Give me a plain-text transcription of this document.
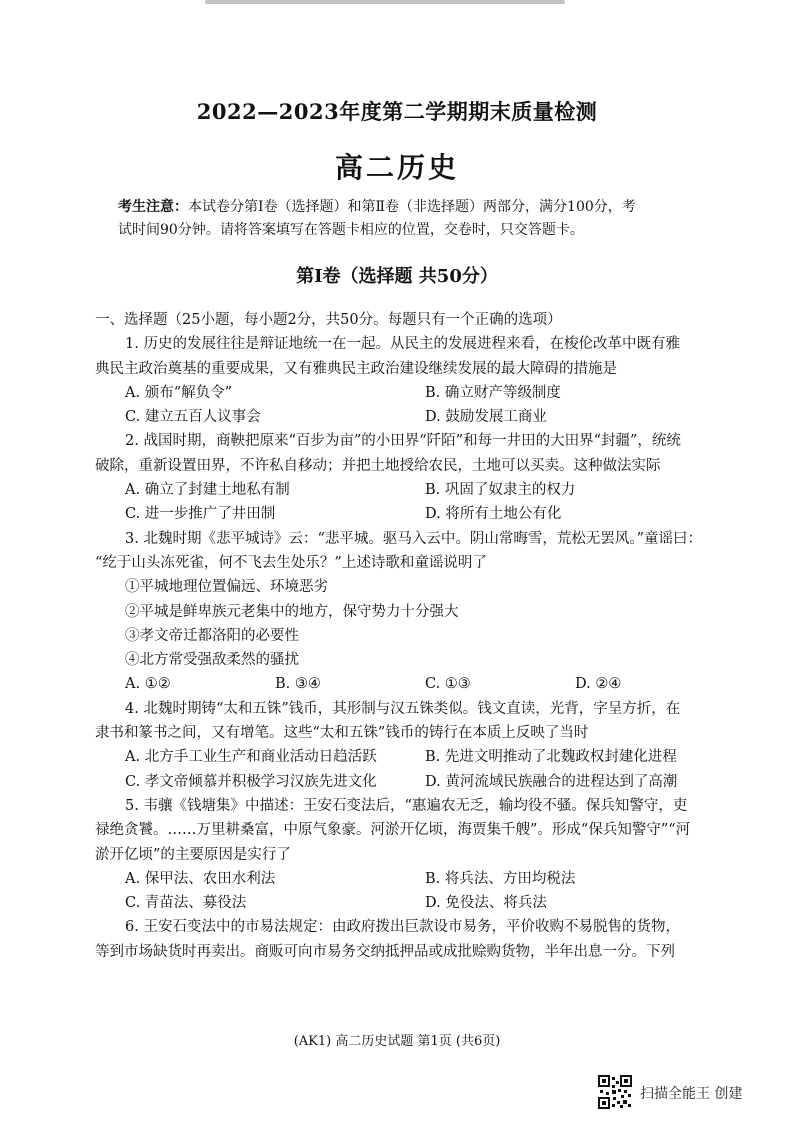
2022—2023年度第二学期期末质量检测
高二历史
考生注意：本试卷分第Ⅰ卷（选择题）和第Ⅱ卷（非选择题）两部分，满分100分，考
试时间90分钟。请将答案填写在答题卡相应的位置，交卷时，只交答题卡。
第Ⅰ卷（选择题 共50分）
一、选择题（25小题，每小题2分，共50分。每题只有一个正确的选项）
1. 历史的发展往往是辩证地统一在一起。从民主的发展进程来看，在梭伦改革中既有雅
典民主政治奠基的重要成果，又有雅典民主政治建设继续发展的最大障碍的措施是
A. 颁布“解负令”	B. 确立财产等级制度
C. 建立五百人议事会	D. 鼓励发展工商业
2. 战国时期，商鞅把原来“百步为亩”的小田界“阡陌”和每一井田的大田界“封疆”，统统
破除，重新设置田界，不许私自移动；并把土地授给农民，土地可以买卖。这种做法实际
A. 确立了封建土地私有制	B. 巩固了奴隶主的权力
C. 进一步推广了井田制	D. 将所有土地公有化
3. 北魏时期《悲平城诗》云：“悲平城。驱马入云中。阴山常晦雪，荒松无罢风。”童谣曰：
“纥于山头冻死雀，何不飞去生处乐？”上述诗歌和童谣说明了
①平城地理位置偏远、环境恶劣
②平城是鲜卑族元老集中的地方，保守势力十分强大
③孝文帝迁都洛阳的必要性
④北方常受强敌柔然的骚扰
A. ①②	B. ③④	C. ①③	D. ②④
4. 北魏时期铸“太和五铢”钱币，其形制与汉五铢类似。钱文直读，光背，字呈方折，在
隶书和篆书之间，又有增笔。这些“太和五铢”钱币的铸行在本质上反映了当时
A. 北方手工业生产和商业活动日趋活跃	B. 先进文明推动了北魏政权封建化进程
C. 孝文帝倾慕并积极学习汉族先进文化	D. 黄河流域民族融合的进程达到了高潮
5. 韦骧《钱塘集》中描述：王安石变法后，“惠遍农无乏，输均役不骚。保兵知警守，吏
禄绝贪饕。……万里耕桑富，中原气象豪。河淤开亿顷，海贾集千艘”。形成“保兵知警守”“河
淤开亿顷”的主要原因是实行了
A. 保甲法、农田水利法	B. 将兵法、方田均税法
C. 青苗法、募役法	D. 免役法、将兵法
6. 王安石变法中的市易法规定：由政府拨出巨款设市易务，平价收购不易脱售的货物，
等到市场缺货时再卖出。商贩可向市易务交纳抵押品或成批赊购货物，半年出息一分。下列
(AK1) 高二历史试题 第1页 (共6页)
扫描全能王 创建
